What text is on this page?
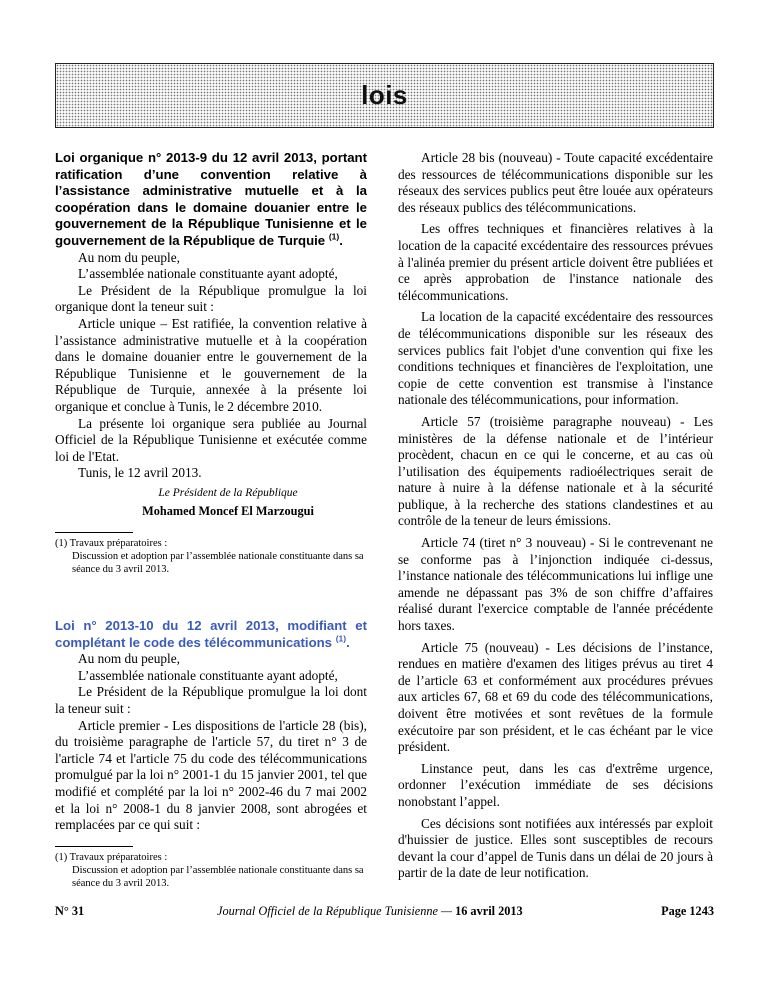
lois

Loi organique n° 2013-9 du 12 avril 2013, portant ratification d’une convention relative à l’assistance administrative mutuelle et à la coopération dans le domaine douanier entre le gouvernement de la République Tunisienne et le gouvernement de la République de Turquie $^{(1)}$.

Au nom du peuple,

L’assemblée nationale constituante ayant adopté,

Le Président de la République promulgue la loi organique dont la teneur suit :

Article unique – Est ratifiée, la convention relative à l’assistance administrative mutuelle et à la coopération dans le domaine douanier entre le gouvernement de la République Tunisienne et le gouvernement de la République de Turquie, annexée à la présente loi organique et conclue à Tunis, le 2 décembre 2010.

La présente loi organique sera publiée au Journal Officiel de la République Tunisienne et exécutée comme loi de l'Etat.

Tunis, le 12 avril 2013.

Le Président de la République
Mohamed Moncef El Marzougui

(1) Travaux préparatoires :

Discussion et adoption par l’assemblée nationale constituante dans sa séance du 3 avril 2013.

Loi n° 2013-10 du 12 avril 2013, modifiant et complétant le code des télécommunications $^{(1)}$.

Au nom du peuple,

L’assemblée nationale constituante ayant adopté,

Le Président de la République promulgue la loi dont la teneur suit :

Article premier - Les dispositions de l'article 28 (bis), du troisième paragraphe de l'article 57, du tiret n° 3 de l'article 74 et l'article 75 du code des télécommunications promulgué par la loi n° 2001-1 du 15 janvier 2001, tel que modifié et complété par la loi n° 2002-46 du 7 mai 2002 et la loi n° 2008-1 du 8 janvier 2008, sont abrogées et remplacées par ce qui suit :

(1) Travaux préparatoires :

Discussion et adoption par l’assemblée nationale constituante dans sa séance du 3 avril 2013.

Article 28 bis (nouveau) - Toute capacité excédentaire des ressources de télécommunications disponible sur les réseaux des services publics peut être louée aux opérateurs des réseaux publics des télécommunications.

Les offres techniques et financières relatives à la location de la capacité excédentaire des ressources prévues à l'alinéa premier du présent article doivent être publiées et ce après approbation de l'instance nationale des télécommunications.

La location de la capacité excédentaire des ressources de télécommunications disponible sur les réseaux des services publics fait l'objet d'une convention qui fixe les conditions techniques et financières de l'exploitation, une copie de cette convention est transmise à l'instance nationale des télécommunications, pour information.

Article 57 (troisième paragraphe nouveau) - Les ministères de la défense nationale et de l’intérieur procèdent, chacun en ce qui le concerne, et au cas où l’utilisation des équipements radioélectriques serait de nature à nuire à la défense nationale et à la sécurité publique, à la recherche des stations clandestines et au contrôle de la teneur de leurs émissions.

Article 74 (tiret n° 3 nouveau) - Si le contrevenant ne se conforme pas à l’injonction indiquée ci-dessus, l’instance nationale des télécommunications lui inflige une amende ne dépassant pas 3% de son chiffre d’affaires réalisé durant l'exercice comptable de l'année précédente hors taxes.

Article 75 (nouveau) - Les décisions de l’instance, rendues en matière d'examen des litiges prévus au tiret 4 de l’article 63 et conformément aux procédures prévues aux articles 67, 68 et 69 du code des télécommunications, doivent être motivées et sont revêtues de la formule exécutoire par son président, et le cas échéant par le vice président.

Linstance peut, dans les cas d'extrême urgence, ordonner l’exécution immédiate de ses décisions nonobstant l’appel.

Ces décisions sont notifiées aux intéressés par exploit d'huissier de justice. Elles sont susceptibles de recours devant la cour d’appel de Tunis dans un délai de 20 jours à partir de la date de leur notification.

N° 31	Journal Officiel de la République Tunisienne — 16 avril 2013	Page 1243
